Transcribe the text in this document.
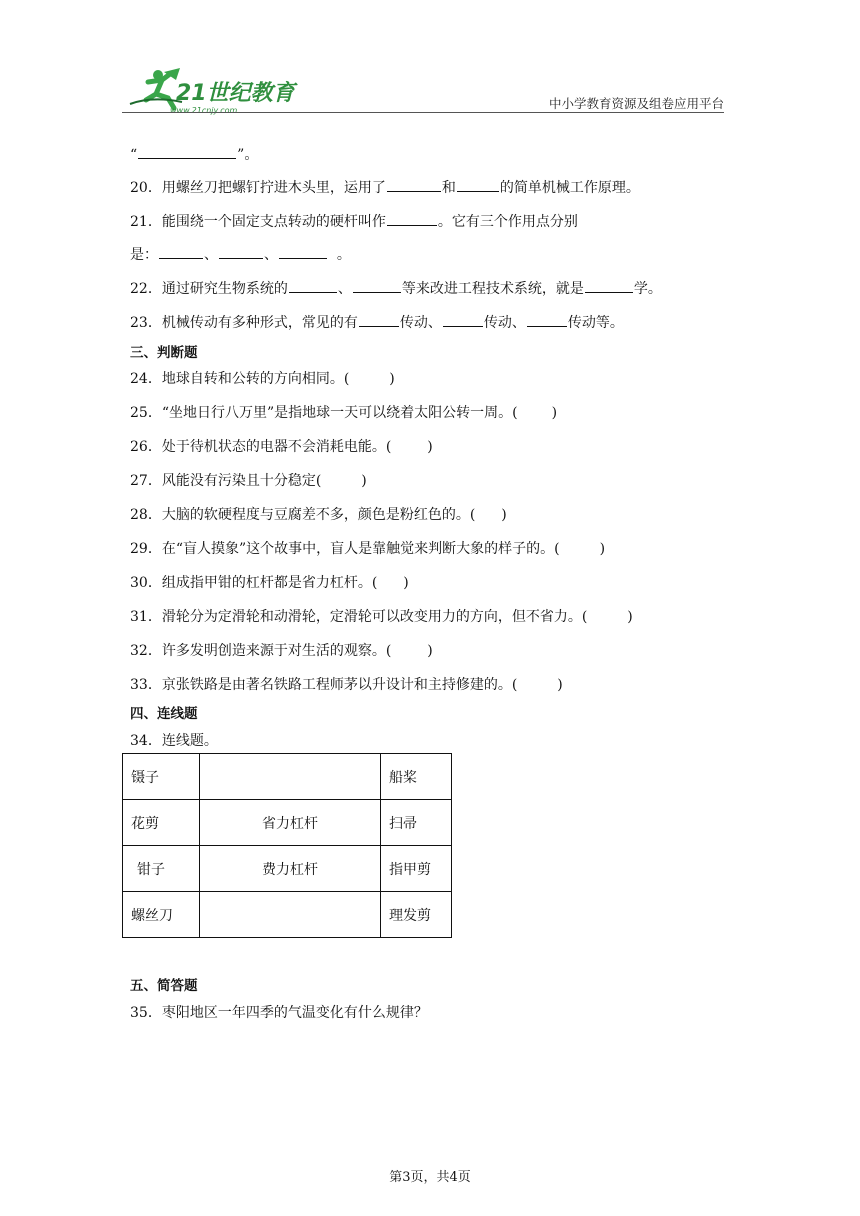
21世纪教育
www.21cnjy.com	中小学教育资源及组卷应用平台
“	”。
20．用螺丝刀把螺钉拧进木头里，运用了	和	的简单机械工作原理。
21．能围绕一个固定支点转动的硬杆叫作	。它有三个作用点分别
是：	、	、	。
22．通过研究生物系统的	、	等来改进工程技术系统，就是	学。
23．机械传动有多种形式，常见的有	传动、	传动、	传动等。
三、判断题
24．地球自转和公转的方向相同。(	)
25．“坐地日行八万里”是指地球一天可以绕着太阳公转一周。( )
26．处于待机状态的电器不会消耗电能。(	)
27．风能没有污染且十分稳定(	)
28．大脑的软硬程度与豆腐差不多，颜色是粉红色的。( )
29．在“盲人摸象”这个故事中，盲人是靠触觉来判断大象的样子的。(	)
30．组成指甲钳的杠杆都是省力杠杆。( )
31．滑轮分为定滑轮和动滑轮，定滑轮可以改变用力的方向，但不省力。(	)
32．许多发明创造来源于对生活的观察。(	)
33．京张铁路是由著名铁路工程师茅以升设计和主持修建的。(	)
四、连线题
34．连线题。
镊子		船桨
花剪	省力杠杆	扫帚
钳子	费力杠杆	指甲剪
螺丝刀		理发剪
五、简答题
35．枣阳地区一年四季的气温变化有什么规律？
第3页，共4页
